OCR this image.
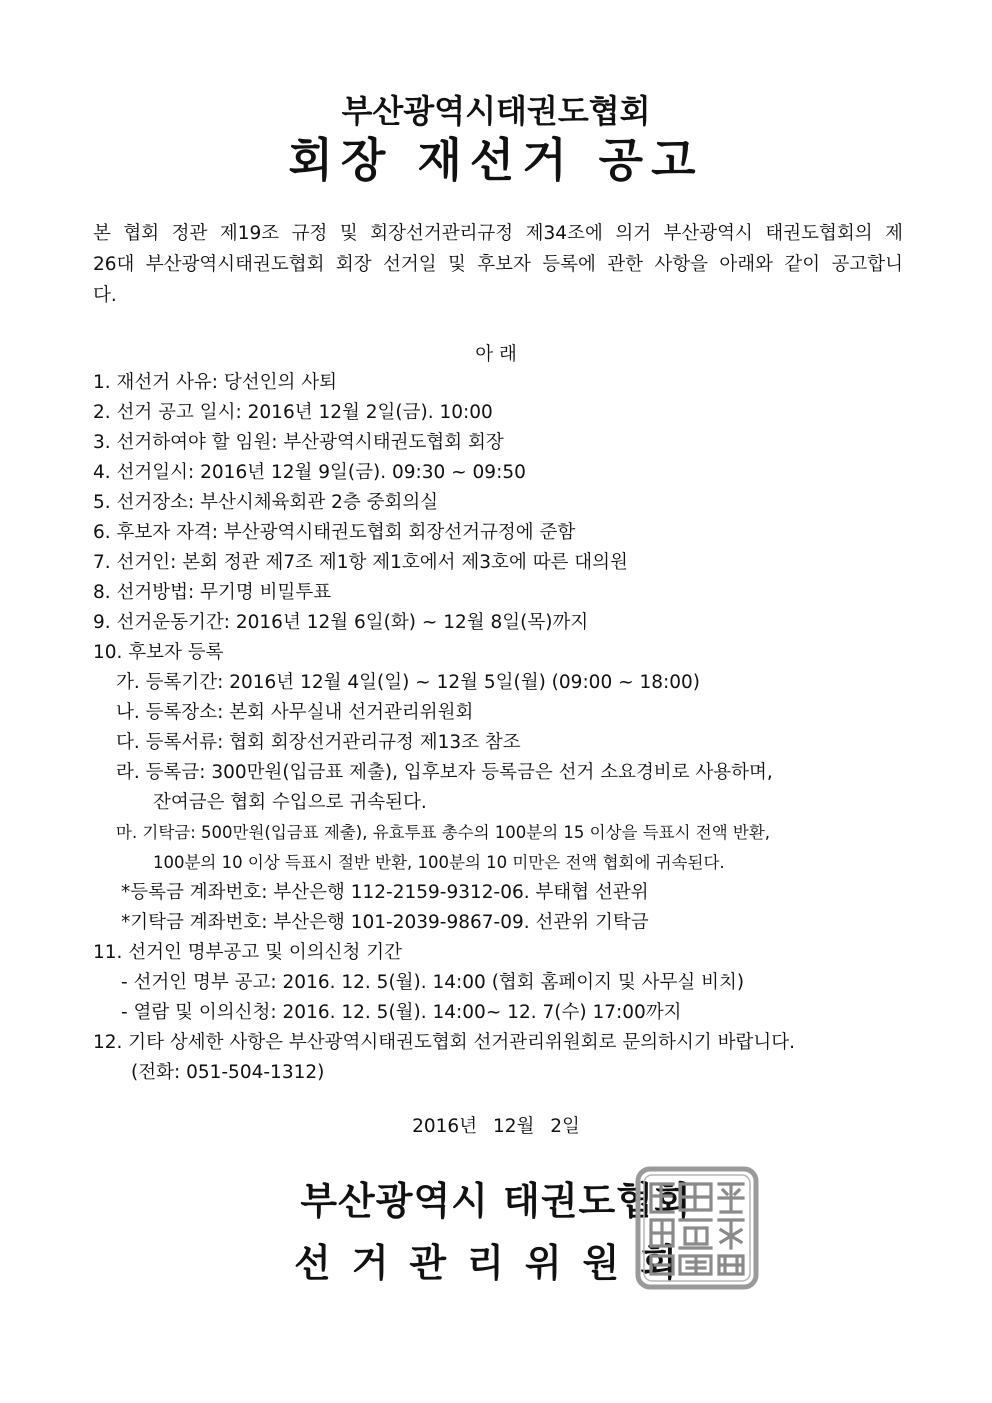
부산광역시태권도협회
회장 재선거 공고
본 협회 정관 제19조 규정 및 회장선거관리규정 제34조에 의거 부산광역시 태권도협회의 제26대 부산광역시태권도협회 회장 선거일 및 후보자 등록에 관한 사항을 아래와 같이 공고합니다.
아 래
1. 재선거 사유: 당선인의 사퇴
2. 선거 공고 일시: 2016년 12월 2일(금). 10:00
3. 선거하여야 할 임원: 부산광역시태권도협회 회장
4. 선거일시: 2016년 12월 9일(금). 09:30 ~ 09:50
5. 선거장소: 부산시체육회관 2층 중회의실
6. 후보자 자격: 부산광역시태권도협회 회장선거규정에 준함
7. 선거인: 본회 정관 제7조 제1항 제1호에서 제3호에 따른 대의원
8. 선거방법: 무기명 비밀투표
9. 선거운동기간: 2016년 12월 6일(화) ~ 12월 8일(목)까지
10. 후보자 등록
가. 등록기간: 2016년 12월 4일(일) ~ 12월 5일(월) (09:00 ~ 18:00)
나. 등록장소: 본회 사무실내 선거관리위원회
다. 등록서류: 협회 회장선거관리규정 제13조 참조
라. 등록금: 300만원(입금표 제출), 입후보자 등록금은 선거 소요경비로 사용하며,
잔여금은 협회 수입으로 귀속된다.
마. 기탁금: 500만원(입금표 제출), 유효투표 총수의 100분의 15 이상을 득표시 전액 반환,
100분의 10 이상 득표시 절반 반환, 100분의 10 미만은 전액 협회에 귀속된다.
*등록금 계좌번호: 부산은행 112-2159-9312-06. 부태협 선관위
*기탁금 계좌번호: 부산은행 101-2039-9867-09. 선관위 기탁금
11. 선거인 명부공고 및 이의신청 기간
- 선거인 명부 공고: 2016. 12. 5(월). 14:00 (협회 홈페이지 및 사무실 비치)
- 열람 및 이의신청: 2016. 12. 5(월). 14:00~ 12. 7(수) 17:00까지
12. 기타 상세한 사항은 부산광역시태권도협회 선거관리위원회로 문의하시기 바랍니다.
(전화: 051-504-1312)
2016년 12월 2일
부산광역시 태권도협회
선거관리위원회
